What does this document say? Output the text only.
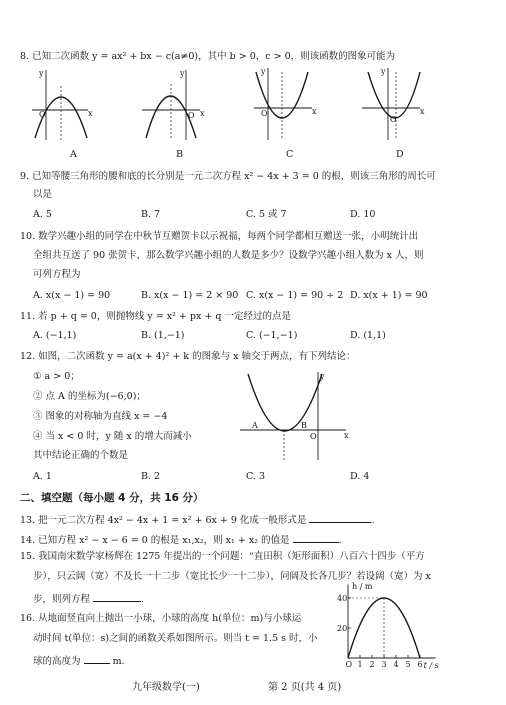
8. 已知二次函数 y = ax² + bx − c(a≠0)，其中 b > 0，c > 0，则该函数的图象可能为
y
x
O
y
x
O
y
x
O
y
x
O
A	B	C	D
9. 已知等腰三角形的腰和底的长分别是一元二次方程 x² − 4x + 3 = 0 的根，则该三角形的周长可
以是
A. 5	B. 7	C. 5 或 7	D. 10
10. 数学兴趣小组的同学在中秋节互赠贺卡以示祝福，每两个同学都相互赠送一张，小明统计出
全组共互送了 90 张贺卡，那么数学兴趣小组的人数是多少？设数学兴趣小组人数为 x 人，则
可列方程为
A. x(x − 1) = 90	B. x(x − 1) = 2 × 90 C. x(x − 1) = 90 ÷ 2 D. x(x + 1) = 90
11. 若 p + q = 0，则抛物线 y = x² + px + q 一定经过的点是
A. (−1,1)	B. (1,−1)	C. (−1,−1)	D. (1,1)
12. 如图，二次函数 y = a(x + 4)² + k 的图象与 x 轴交于两点，有下列结论：
① a > 0；
② 点 A 的坐标为(−6,0)；
③ 图象的对称轴为直线 x = −4
④ 当 x < 0 时，y 随 x 的增大而减小
其中结论正确的个数是
y
x
A	B
O
A. 1	B. 2	C. 3	D. 4
二、填空题（每小题 4 分，共 16 分）
13. 把一元二次方程 4x² − 4x + 1 = x² + 6x + 9 化成一般形式是	.
14. 已知方程 x² − x − 6 = 0 的根是 x₁,x₂，则 x₁ + x₂ 的值是	.
15. 我国南宋数学家杨辉在 1275 年提出的一个问题：“直田积（矩形面积）八百六十四步（平方
步），只云阔（宽）不及长一十二步（宽比长少一十二步），问阔及长各几步？若设阔（宽）为 x
步，则列方程	.
16. 从地面竖直向上抛出一小球，小球的高度 h(单位：m)与小球运
动时间 t(单位：s)之间的函数关系如图所示。则当 t = 1.5 s 时，小
球的高度为	m.
h / m
t / s
40
20
O 1 2 3 4 5 6
九年级数学(一)	第 2 页(共 4 页)
